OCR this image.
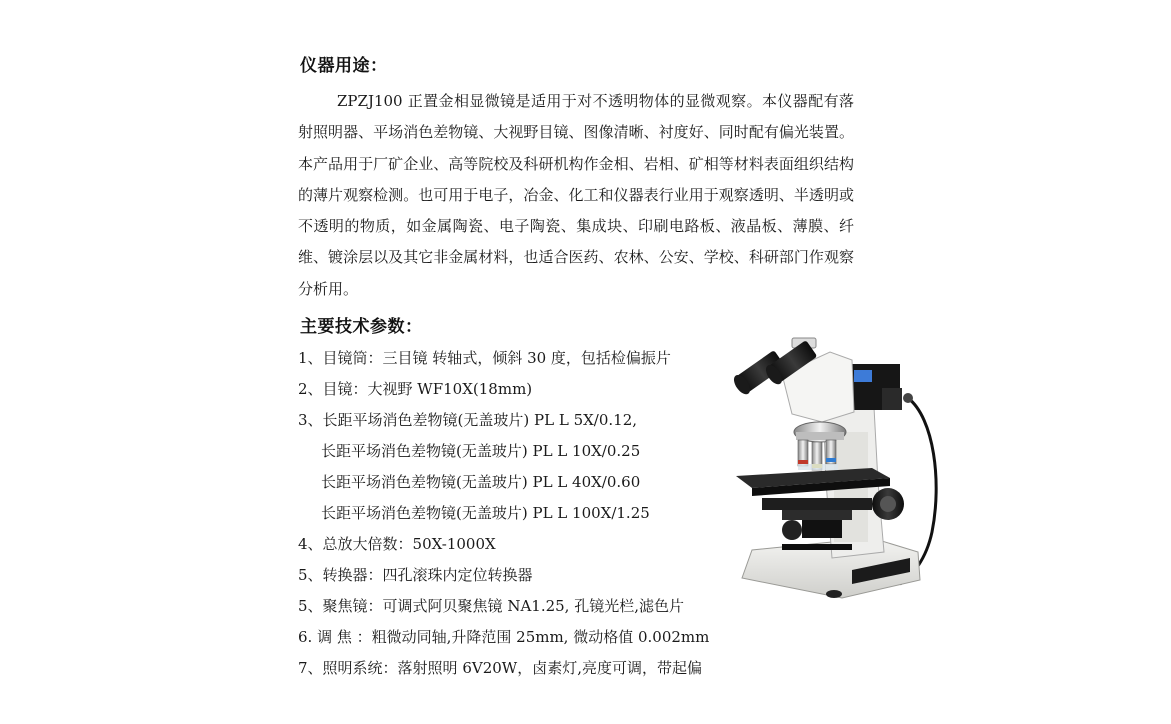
仪器用途：

ZPZJ100 正置金相显微镜是适用于对不透明物体的显微观察。本仪器配有落射照明器、平场消色差物镜、大视野目镜、图像清晰、衬度好、同时配有偏光装置。本产品用于厂矿企业、高等院校及科研机构作金相、岩相、矿相等材料表面组织结构的薄片观察检测。也可用于电子，冶金、化工和仪器表行业用于观察透明、半透明或不透明的物质，如金属陶瓷、电子陶瓷、集成块、印刷电路板、液晶板、薄膜、纤维、镀涂层以及其它非金属材料，也适合医药、农林、公安、学校、科研部门作观察分析用。

主要技术参数：
1、目镜筒：三目镜 转轴式，倾斜 30 度，包括检偏振片
2、目镜：大视野 WF10X(18mm)
3、长距平场消色差物镜(无盖玻片) PL L 5X/0.12,
长距平场消色差物镜(无盖玻片) PL L 10X/0.25
长距平场消色差物镜(无盖玻片) PL L 40X/0.60
长距平场消色差物镜(无盖玻片) PL L 100X/1.25
4、总放大倍数：50X-1000X
5、转换器：四孔滚珠内定位转换器
5、聚焦镜：可调式阿贝聚焦镜 NA1.25, 孔镜光栏,滤色片
6. 调 焦 ：粗微动同轴,升降范围 25mm, 微动格值 0.002mm
7、照明系统：落射照明 6V20W，卤素灯,亮度可调，带起偏
